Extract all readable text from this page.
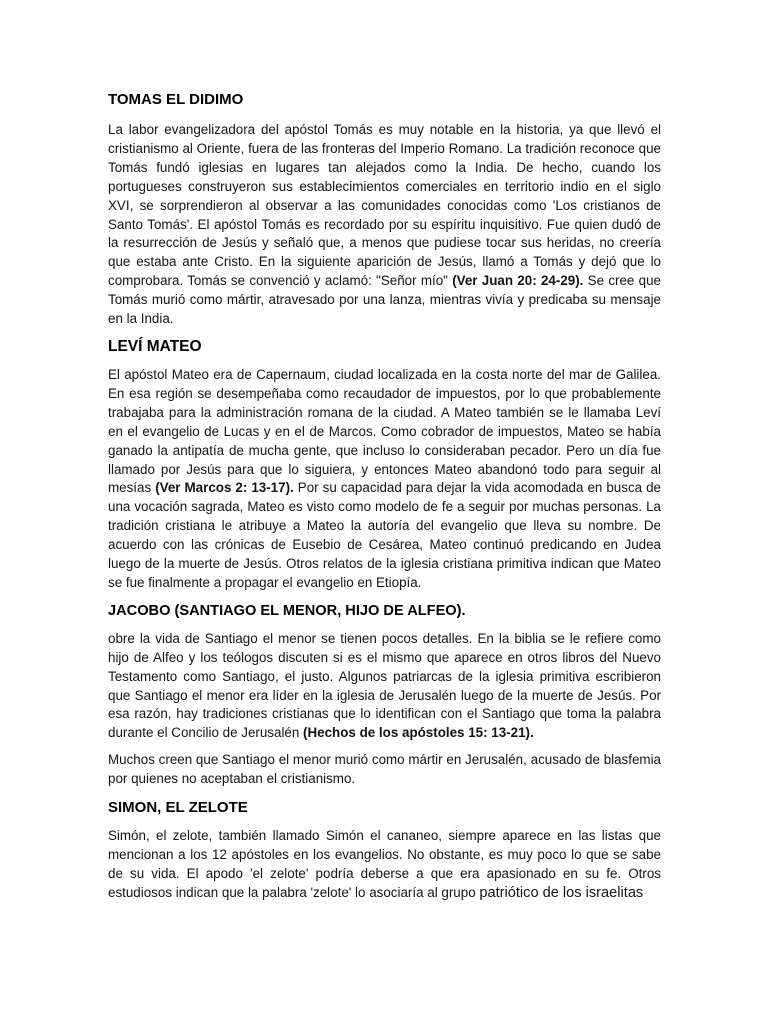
TOMAS EL DIDIMO

La labor evangelizadora del apóstol Tomás es muy notable en la historia, ya que llevó el cristianismo al Oriente, fuera de las fronteras del Imperio Romano. La tradición reconoce que Tomás fundó iglesias en lugares tan alejados como la India. De hecho, cuando los portugueses construyeron sus establecimientos comerciales en territorio indio en el siglo XVI, se sorprendieron al observar a las comunidades conocidas como 'Los cristianos de Santo Tomás'. El apóstol Tomás es recordado por su espíritu inquisitivo. Fue quien dudó de la resurrección de Jesús y señaló que, a menos que pudiese tocar sus heridas, no creería que estaba ante Cristo. En la siguiente aparición de Jesús, llamó a Tomás y dejó que lo comprobara. Tomás se convenció y aclamó: "Señor mío" (Ver Juan 20: 24-29). Se cree que Tomás murió como mártir, atravesado por una lanza, mientras vivía y predicaba su mensaje en la India.

LEVÍ MATEO

El apóstol Mateo era de Capernaum, ciudad localizada en la costa norte del mar de Galilea. En esa región se desempeñaba como recaudador de impuestos, por lo que probablemente trabajaba para la administración romana de la ciudad. A Mateo también se le llamaba Leví en el evangelio de Lucas y en el de Marcos. Como cobrador de impuestos, Mateo se había ganado la antipatía de mucha gente, que incluso lo consideraban pecador. Pero un día fue llamado por Jesús para que lo siguiera, y entonces Mateo abandonó todo para seguir al mesías (Ver Marcos 2: 13-17). Por su capacidad para dejar la vida acomodada en busca de una vocación sagrada, Mateo es visto como modelo de fe a seguir por muchas personas. La tradición cristiana le atribuye a Mateo la autoría del evangelio que lleva su nombre. De acuerdo con las crónicas de Eusebio de Cesárea, Mateo continuó predicando en Judea luego de la muerte de Jesús. Otros relatos de la iglesia cristiana primitiva indican que Mateo se fue finalmente a propagar el evangelio en Etiopía.

JACOBO (SANTIAGO EL MENOR, HIJO DE ALFEO).

obre la vida de Santiago el menor se tienen pocos detalles. En la biblia se le refiere como hijo de Alfeo y los teólogos discuten si es el mismo que aparece en otros libros del Nuevo Testamento como Santiago, el justo. Algunos patriarcas de la iglesia primitiva escribieron que Santiago el menor era líder en la iglesia de Jerusalén luego de la muerte de Jesús. Por esa razón, hay tradiciones cristianas que lo identifican con el Santiago que toma la palabra durante el Concilio de Jerusalén (Hechos de los apóstoles 15: 13-21).

Muchos creen que Santiago el menor murió como mártir en Jerusalén, acusado de blasfemia por quienes no aceptaban el cristianismo.

SIMON, EL ZELOTE

Simón, el zelote, también llamado Simón el cananeo, siempre aparece en las listas que mencionan a los 12 apóstoles en los evangelios. No obstante, es muy poco lo que se sabe de su vida. El apodo 'el zelote' podría deberse a que era apasionado en su fe. Otros estudiosos indican que la palabra 'zelote' lo asociaría al grupo patriótico de los israelitas
